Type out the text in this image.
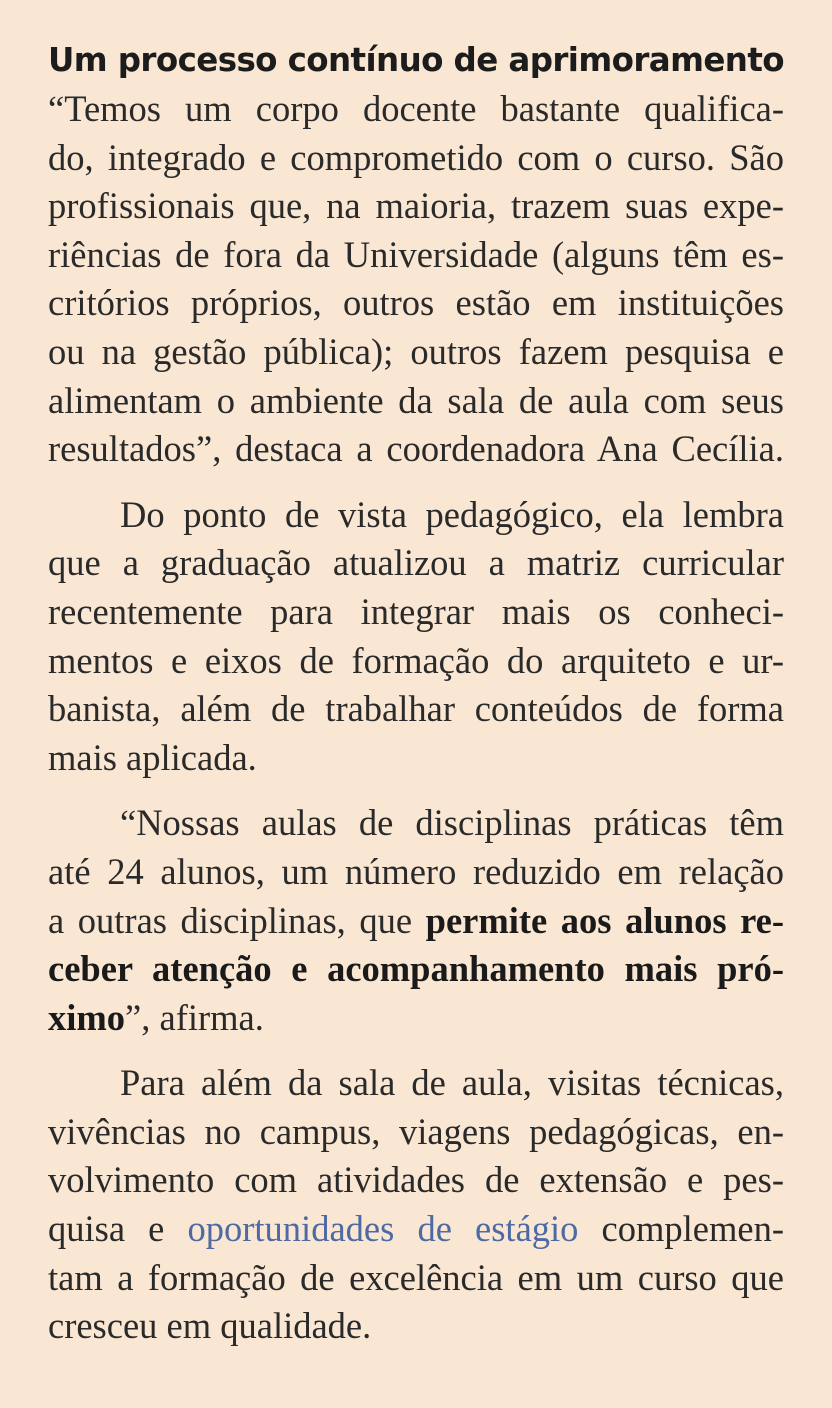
Um processo contínuo de aprimoramento

“Temos um corpo docente bastante qualifica-
do, integrado e comprometido com o curso. São
profissionais que, na maioria, trazem suas expe-
riências de fora da Universidade (alguns têm es-
critórios próprios, outros estão em instituições
ou na gestão pública); outros fazem pesquisa e
alimentam o ambiente da sala de aula com seus
resultados”, destaca a coordenadora Ana Cecília.

Do ponto de vista pedagógico, ela lembra
que a graduação atualizou a matriz curricular
recentemente para integrar mais os conheci-
mentos e eixos de formação do arquiteto e ur-
banista, além de trabalhar conteúdos de forma
mais aplicada.

“Nossas aulas de disciplinas práticas têm
até 24 alunos, um número reduzido em relação
a outras disciplinas, que permite aos alunos re-
ceber atenção e acompanhamento mais pró-
ximo”, afirma.

Para além da sala de aula, visitas técnicas,
vivências no campus, viagens pedagógicas, en-
volvimento com atividades de extensão e pes-
quisa e oportunidades de estágio complemen-
tam a formação de excelência em um curso que
cresceu em qualidade.
